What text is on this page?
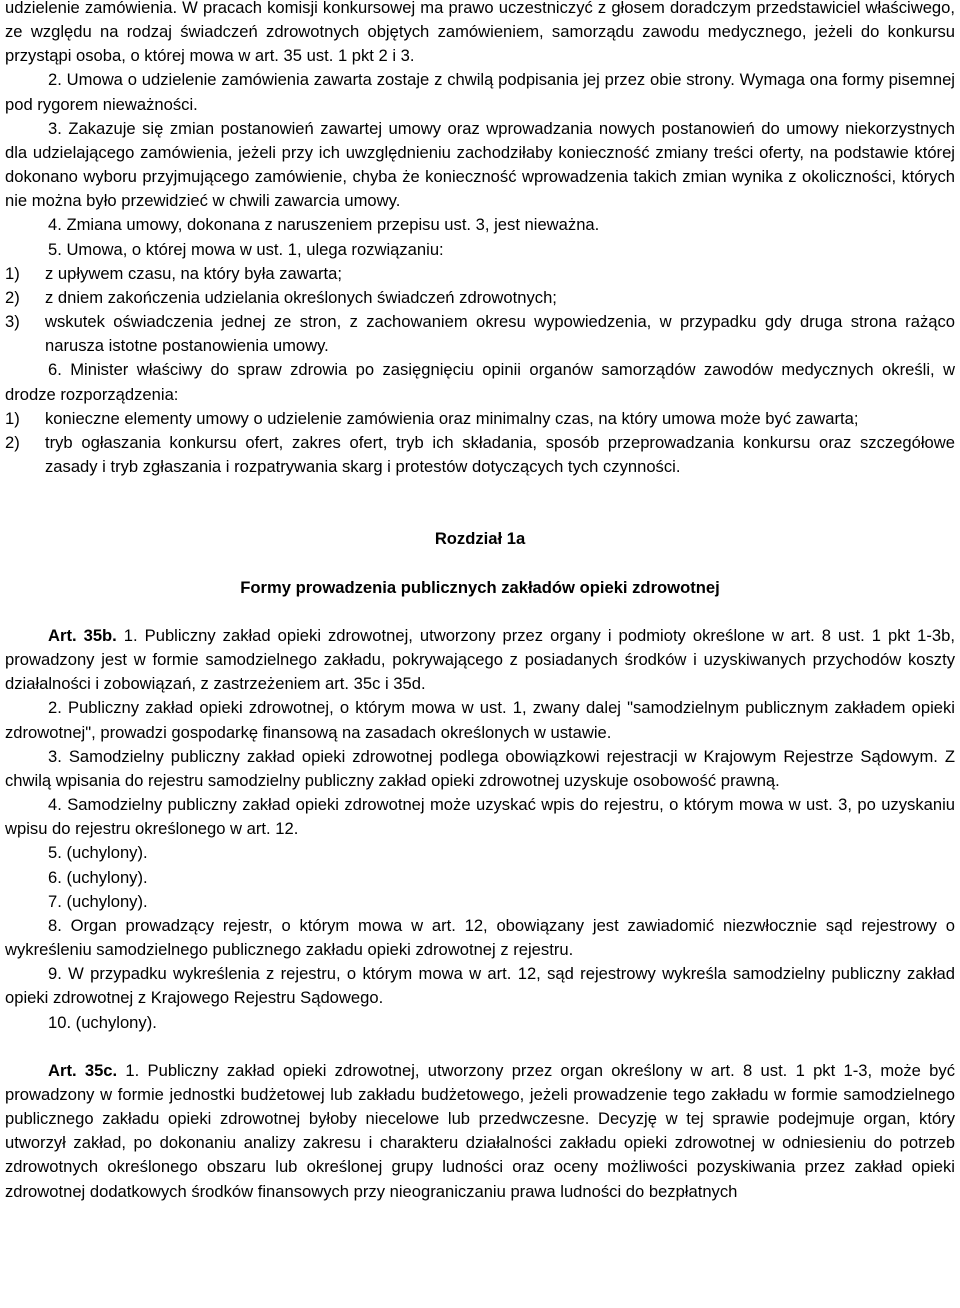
udzielenie zamówienia. W pracach komisji konkursowej ma prawo uczestniczyć z głosem doradczym przedstawiciel właściwego, ze względu na rodzaj świadczeń zdrowotnych objętych zamówieniem, samorządu zawodu medycznego, jeżeli do konkursu przystąpi osoba, o której mowa w art. 35 ust. 1 pkt 2 i 3.

2. Umowa o udzielenie zamówienia zawarta zostaje z chwilą podpisania jej przez obie strony. Wymaga ona formy pisemnej pod rygorem nieważności.

3. Zakazuje się zmian postanowień zawartej umowy oraz wprowadzania nowych postanowień do umowy niekorzystnych dla udzielającego zamówienia, jeżeli przy ich uwzględnieniu zachodziłaby konieczność zmiany treści oferty, na podstawie której dokonano wyboru przyjmującego zamówienie, chyba że konieczność wprowadzenia takich zmian wynika z okoliczności, których nie można było przewidzieć w chwili zawarcia umowy.

4. Zmiana umowy, dokonana z naruszeniem przepisu ust. 3, jest nieważna.

5. Umowa, o której mowa w ust. 1, ulega rozwiązaniu:

1)	z upływem czasu, na który była zawarta;
2)	z dniem zakończenia udzielania określonych świadczeń zdrowotnych;
3)	wskutek oświadczenia jednej ze stron, z zachowaniem okresu wypowiedzenia, w przypadku gdy druga strona rażąco narusza istotne postanowienia umowy.

6. Minister właściwy do spraw zdrowia po zasięgnięciu opinii organów samorządów zawodów medycznych określi, w drodze rozporządzenia:

1)	konieczne elementy umowy o udzielenie zamówienia oraz minimalny czas, na który umowa może być zawarta;
2)	tryb ogłaszania konkursu ofert, zakres ofert, tryb ich składania, sposób przeprowadzania konkursu oraz szczegółowe zasady i tryb zgłaszania i rozpatrywania skarg i protestów dotyczących tych czynności.

Rozdział 1a

Formy prowadzenia publicznych zakładów opieki zdrowotnej

Art. 35b. 1. Publiczny zakład opieki zdrowotnej, utworzony przez organy i podmioty określone w art. 8 ust. 1 pkt 1-3b, prowadzony jest w formie samodzielnego zakładu, pokrywającego z posiadanych środków i uzyskiwanych przychodów koszty działalności i zobowiązań, z zastrzeżeniem art. 35c i 35d.

2. Publiczny zakład opieki zdrowotnej, o którym mowa w ust. 1, zwany dalej "samodzielnym publicznym zakładem opieki zdrowotnej", prowadzi gospodarkę finansową na zasadach określonych w ustawie.

3. Samodzielny publiczny zakład opieki zdrowotnej podlega obowiązkowi rejestracji w Krajowym Rejestrze Sądowym. Z chwilą wpisania do rejestru samodzielny publiczny zakład opieki zdrowotnej uzyskuje osobowość prawną.

4. Samodzielny publiczny zakład opieki zdrowotnej może uzyskać wpis do rejestru, o którym mowa w ust. 3, po uzyskaniu wpisu do rejestru określonego w art. 12.

5. (uchylony).

6. (uchylony).

7. (uchylony).

8. Organ prowadzący rejestr, o którym mowa w art. 12, obowiązany jest zawiadomić niezwłocznie sąd rejestrowy o wykreśleniu samodzielnego publicznego zakładu opieki zdrowotnej z rejestru.

9. W przypadku wykreślenia z rejestru, o którym mowa w art. 12, sąd rejestrowy wykreśla samodzielny publiczny zakład opieki zdrowotnej z Krajowego Rejestru Sądowego.

10. (uchylony).

Art. 35c. 1. Publiczny zakład opieki zdrowotnej, utworzony przez organ określony w art. 8 ust. 1 pkt 1-3, może być prowadzony w formie jednostki budżetowej lub zakładu budżetowego, jeżeli prowadzenie tego zakładu w formie samodzielnego publicznego zakładu opieki zdrowotnej byłoby niecelowe lub przedwczesne. Decyzję w tej sprawie podejmuje organ, który utworzył zakład, po dokonaniu analizy zakresu i charakteru działalności zakładu opieki zdrowotnej w odniesieniu do potrzeb zdrowotnych określonego obszaru lub określonej grupy ludności oraz oceny możliwości pozyskiwania przez zakład opieki zdrowotnej dodatkowych środków finansowych przy nieograniczaniu prawa ludności do bezpłatnych
